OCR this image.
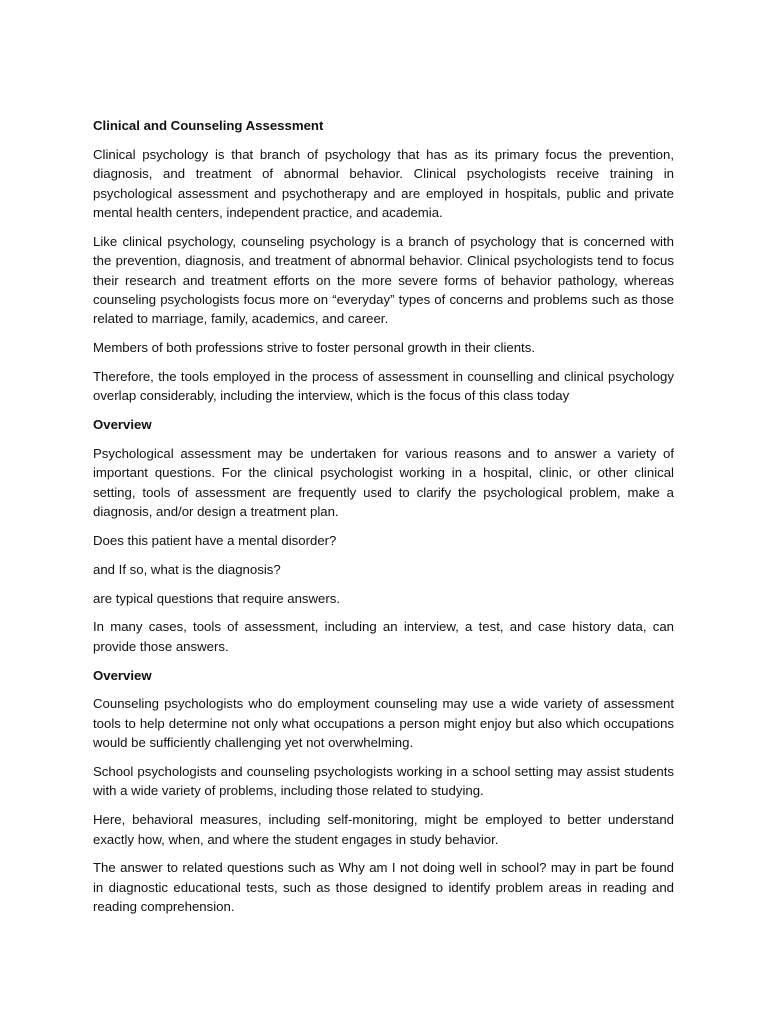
Clinical and Counseling Assessment

Clinical psychology is that branch of psychology that has as its primary focus the prevention, diagnosis, and treatment of abnormal behavior. Clinical psychologists receive training in psychological assessment and psychotherapy and are employed in hospitals, public and private mental health centers, independent practice, and academia.

Like clinical psychology, counseling psychology is a branch of psychology that is concerned with the prevention, diagnosis, and treatment of abnormal behavior. Clinical psychologists tend to focus their research and treatment efforts on the more severe forms of behavior pathology, whereas counseling psychologists focus more on “everyday” types of concerns and problems such as those related to marriage, family, academics, and career.

Members of both professions strive to foster personal growth in their clients.

Therefore, the tools employed in the process of assessment in counselling and clinical psychology overlap considerably, including the interview, which is the focus of this class today

Overview

Psychological assessment may be undertaken for various reasons and to answer a variety of important questions. For the clinical psychologist working in a hospital, clinic, or other clinical setting, tools of assessment are frequently used to clarify the psychological problem, make a diagnosis, and/or design a treatment plan.

Does this patient have a mental disorder?

and If so, what is the diagnosis?

are typical questions that require answers.

In many cases, tools of assessment, including an interview, a test, and case history data, can provide those answers.

Overview

Counseling psychologists who do employment counseling may use a wide variety of assessment tools to help determine not only what occupations a person might enjoy but also which occupations would be sufficiently challenging yet not overwhelming.

School psychologists and counseling psychologists working in a school setting may assist students with a wide variety of problems, including those related to studying.

Here, behavioral measures, including self-monitoring, might be employed to better understand exactly how, when, and where the student engages in study behavior.

The answer to related questions such as Why am I not doing well in school? may in part be found in diagnostic educational tests, such as those designed to identify problem areas in reading and reading comprehension.
